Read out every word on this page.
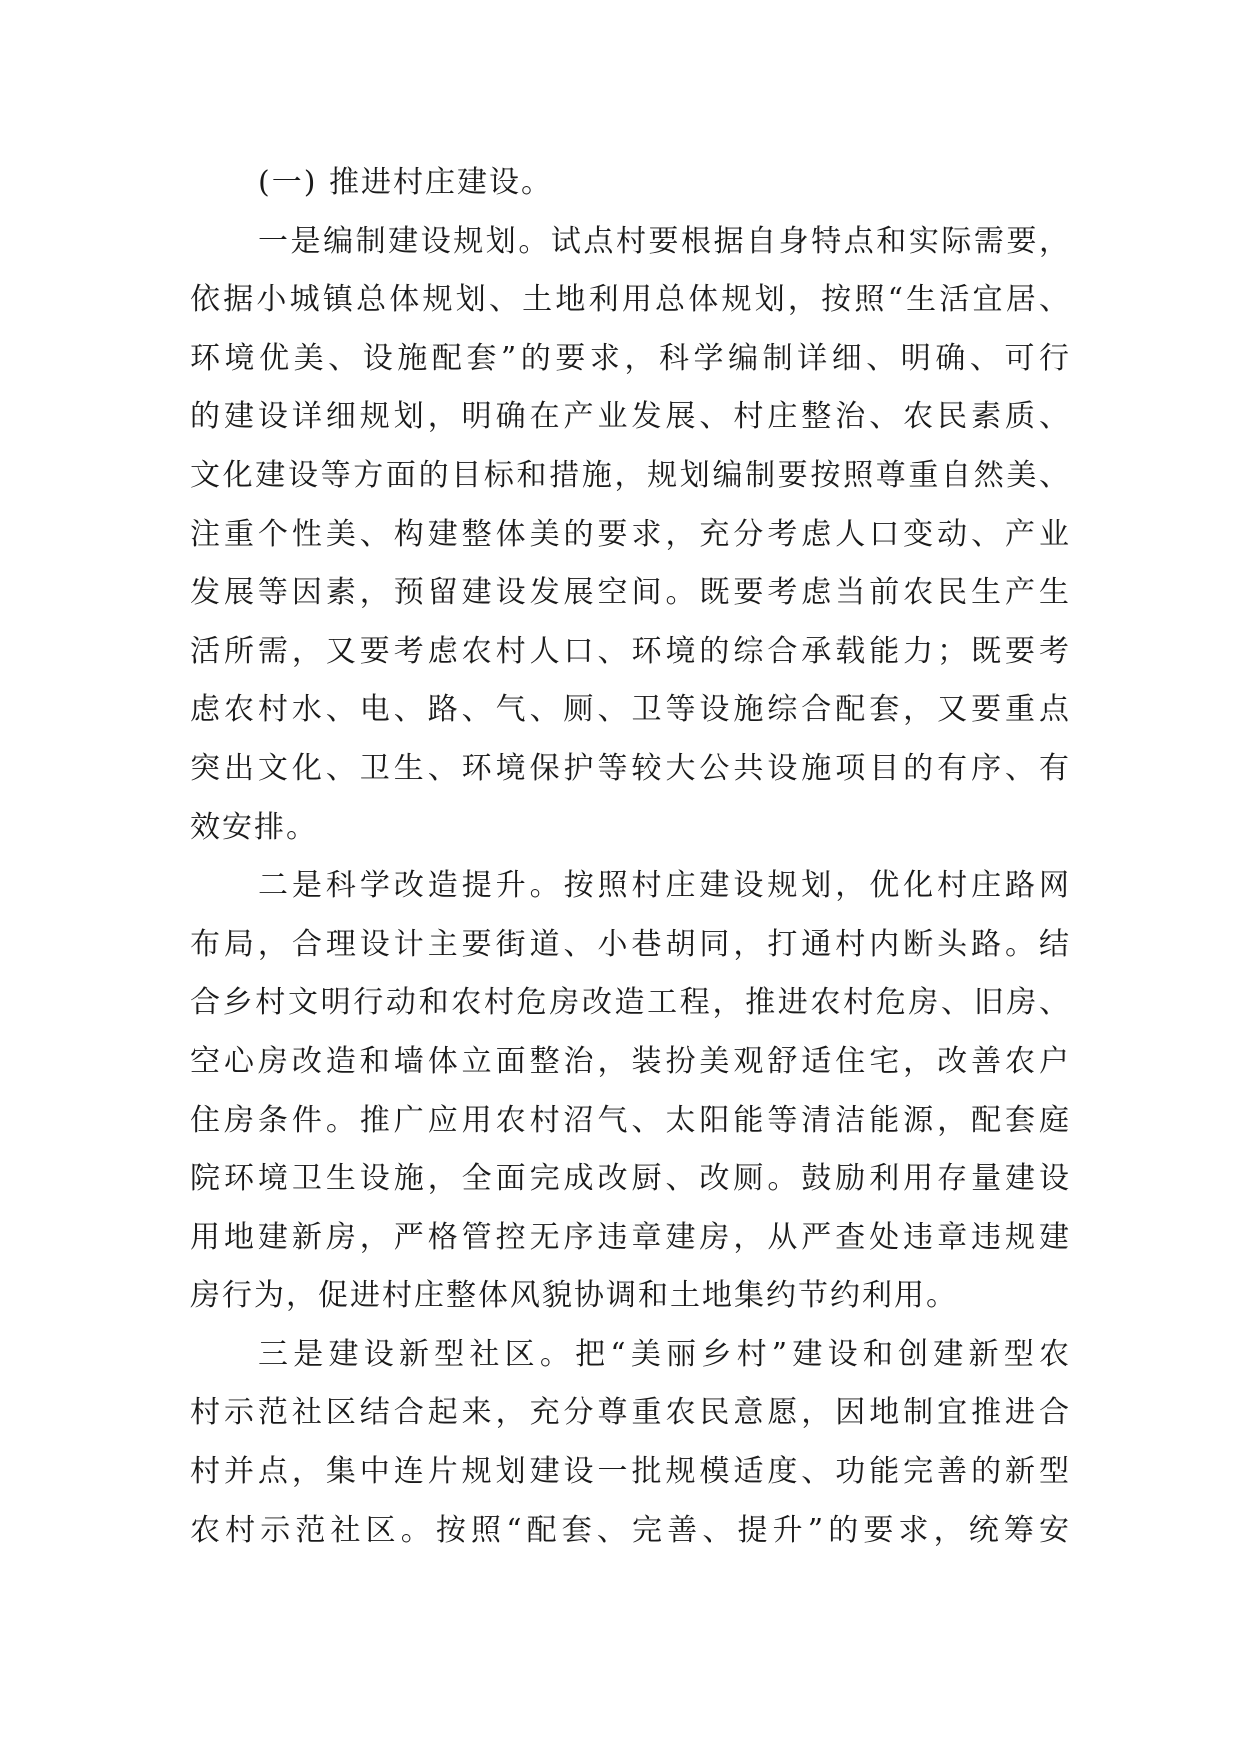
(一) 推进村庄建设。
一是编制建设规划。试点村要根据自身特点和实际需要，
依据小城镇总体规划、土地利用总体规划，按照“生活宜居、
环境优美、设施配套”的要求，科学编制详细、明确、可行
的建设详细规划，明确在产业发展、村庄整治、农民素质、
文化建设等方面的目标和措施，规划编制要按照尊重自然美、
注重个性美、构建整体美的要求，充分考虑人口变动、产业
发展等因素，预留建设发展空间。既要考虑当前农民生产生
活所需，又要考虑农村人口、环境的综合承载能力；既要考
虑农村水、电、路、气、厕、卫等设施综合配套，又要重点
突出文化、卫生、环境保护等较大公共设施项目的有序、有
效安排。
二是科学改造提升。按照村庄建设规划，优化村庄路网
布局，合理设计主要街道、小巷胡同，打通村内断头路。结
合乡村文明行动和农村危房改造工程，推进农村危房、旧房、
空心房改造和墙体立面整治，装扮美观舒适住宅，改善农户
住房条件。推广应用农村沼气、太阳能等清洁能源，配套庭
院环境卫生设施，全面完成改厨、改厕。鼓励利用存量建设
用地建新房，严格管控无序违章建房，从严查处违章违规建
房行为，促进村庄整体风貌协调和土地集约节约利用。
三是建设新型社区。把“美丽乡村”建设和创建新型农
村示范社区结合起来，充分尊重农民意愿，因地制宜推进合
村并点，集中连片规划建设一批规模适度、功能完善的新型
农村示范社区。按照“配套、完善、提升”的要求，统筹安
